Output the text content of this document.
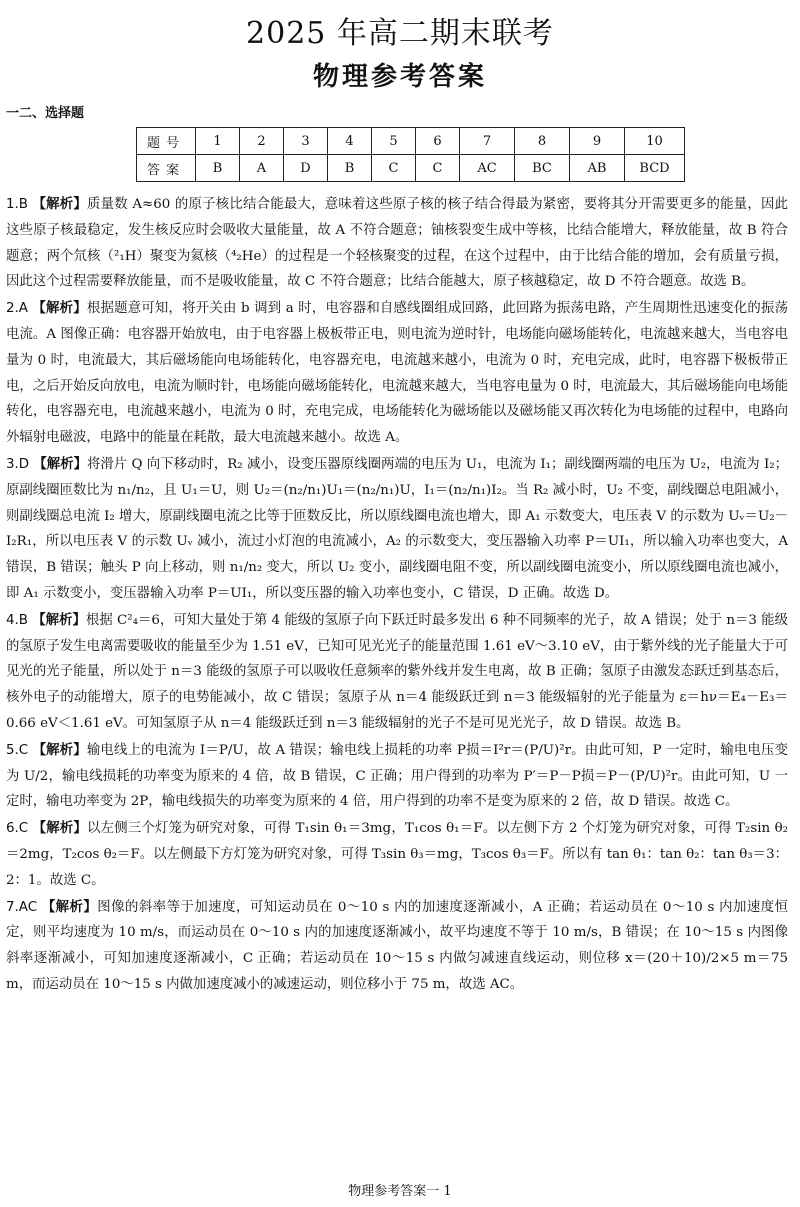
2025 年高二期末联考
物理参考答案
一二、选择题
题号	1	2	3	4	5	6	7	8	9	10
答案	B	A	D	B	C	C	AC	BC	AB	BCD
1.B 【解析】质量数 A≈60 的原子核比结合能最大，意味着这些原子核的核子结合得最为紧密，要将其分开需要更多的能量，因此这些原子核最稳定，发生核反应时会吸收大量能量，故 A 不符合题意；铀核裂变生成中等核，比结合能增大，释放能量，故 B 符合题意；两个氘核（²₁H）聚变为氦核（⁴₂He）的过程是一个轻核聚变的过程，在这个过程中，由于比结合能的增加，会有质量亏损，因此这个过程需要释放能量，而不是吸收能量，故 C 不符合题意；比结合能越大，原子核越稳定，故 D 不符合题意。故选 B。
2.A 【解析】根据题意可知，将开关由 b 调到 a 时，电容器和自感线圈组成回路，此回路为振荡电路，产生周期性迅速变化的振荡电流。A 图像正确：电容器开始放电，由于电容器上极板带正电，则电流为逆时针，电场能向磁场能转化，电流越来越大，当电容电量为 0 时，电流最大，其后磁场能向电场能转化，电容器充电，电流越来越小，电流为 0 时，充电完成，此时，电容器下极板带正电，之后开始反向放电，电流为顺时针，电场能向磁场能转化，电流越来越大，当电容电量为 0 时，电流最大，其后磁场能向电场能转化，电容器充电，电流越来越小，电流为 0 时，充电完成，电场能转化为磁场能以及磁场能又再次转化为电场能的过程中，电路向外辐射电磁波，电路中的能量在耗散，最大电流越来越小。故选 A。
3.D 【解析】将滑片 Q 向下移动时，R₂ 减小，设变压器原线圈两端的电压为 U₁，电流为 I₁；副线圈两端的电压为 U₂，电流为 I₂；原副线圈匝数比为 n₁/n₂，且 U₁＝U，则 U₂＝(n₂/n₁)U₁＝(n₂/n₁)U，I₁＝(n₂/n₁)I₂。当 R₂ 减小时，U₂ 不变，副线圈总电阻减小，则副线圈总电流 I₂ 增大，原副线圈电流之比等于匝数反比，所以原线圈电流也增大，即 A₁ 示数变大，电压表 V 的示数为 Uᵥ＝U₂－I₂R₁，所以电压表 V 的示数 Uᵥ 减小，流过小灯泡的电流减小，A₂ 的示数变大，变压器输入功率 P＝UI₁，所以输入功率也变大，A 错误，B 错误；触头 P 向上移动，则 n₁/n₂ 变大，所以 U₂ 变小，副线圈电阻不变，所以副线圈电流变小，所以原线圈电流也减小，即 A₁ 示数变小，变压器输入功率 P＝UI₁，所以变压器的输入功率也变小，C 错误，D 正确。故选 D。
4.B 【解析】根据 C²₄＝6，可知大量处于第 4 能级的氢原子向下跃迁时最多发出 6 种不同频率的光子，故 A 错误；处于 n＝3 能级的氢原子发生电离需要吸收的能量至少为 1.51 eV，已知可见光光子的能量范围 1.61 eV～3.10 eV，由于紫外线的光子能量大于可见光的光子能量，所以处于 n＝3 能级的氢原子可以吸收任意频率的紫外线并发生电离，故 B 正确；氢原子由激发态跃迁到基态后，核外电子的动能增大，原子的电势能减小，故 C 错误；氢原子从 n＝4 能级跃迁到 n＝3 能级辐射的光子能量为 ε＝hν＝E₄－E₃＝0.66 eV＜1.61 eV。可知氢原子从 n＝4 能级跃迁到 n＝3 能级辐射的光子不是可见光光子，故 D 错误。故选 B。
5.C 【解析】输电线上的电流为 I＝P/U，故 A 错误；输电线上损耗的功率 P损＝I²r＝(P/U)²r。由此可知，P 一定时，输电电压变为 U/2，输电线损耗的功率变为原来的 4 倍，故 B 错误，C 正确；用户得到的功率为 P′＝P－P损＝P－(P/U)²r。由此可知，U 一定时，输电功率变为 2P，输电线损失的功率变为原来的 4 倍，用户得到的功率不是变为原来的 2 倍，故 D 错误。故选 C。
6.C 【解析】以左侧三个灯笼为研究对象，可得 T₁sin θ₁＝3mg，T₁cos θ₁＝F。以左侧下方 2 个灯笼为研究对象，可得 T₂sin θ₂＝2mg，T₂cos θ₂＝F。以左侧最下方灯笼为研究对象，可得 T₃sin θ₃＝mg，T₃cos θ₃＝F。所以有 tan θ₁：tan θ₂：tan θ₃＝3：2：1。故选 C。
7.AC 【解析】图像的斜率等于加速度，可知运动员在 0～10 s 内的加速度逐渐减小，A 正确；若运动员在 0～10 s 内加速度恒定，则平均速度为 10 m/s，而运动员在 0～10 s 内的加速度逐渐减小，故平均速度不等于 10 m/s，B 错误；在 10～15 s 内图像斜率逐渐减小，可知加速度逐渐减小，C 正确；若运动员在 10～15 s 内做匀减速直线运动，则位移 x＝(20＋10)/2×5 m＝75 m，而运动员在 10～15 s 内做加速度减小的减速运动，则位移小于 75 m，故选 AC。
物理参考答案一 1
